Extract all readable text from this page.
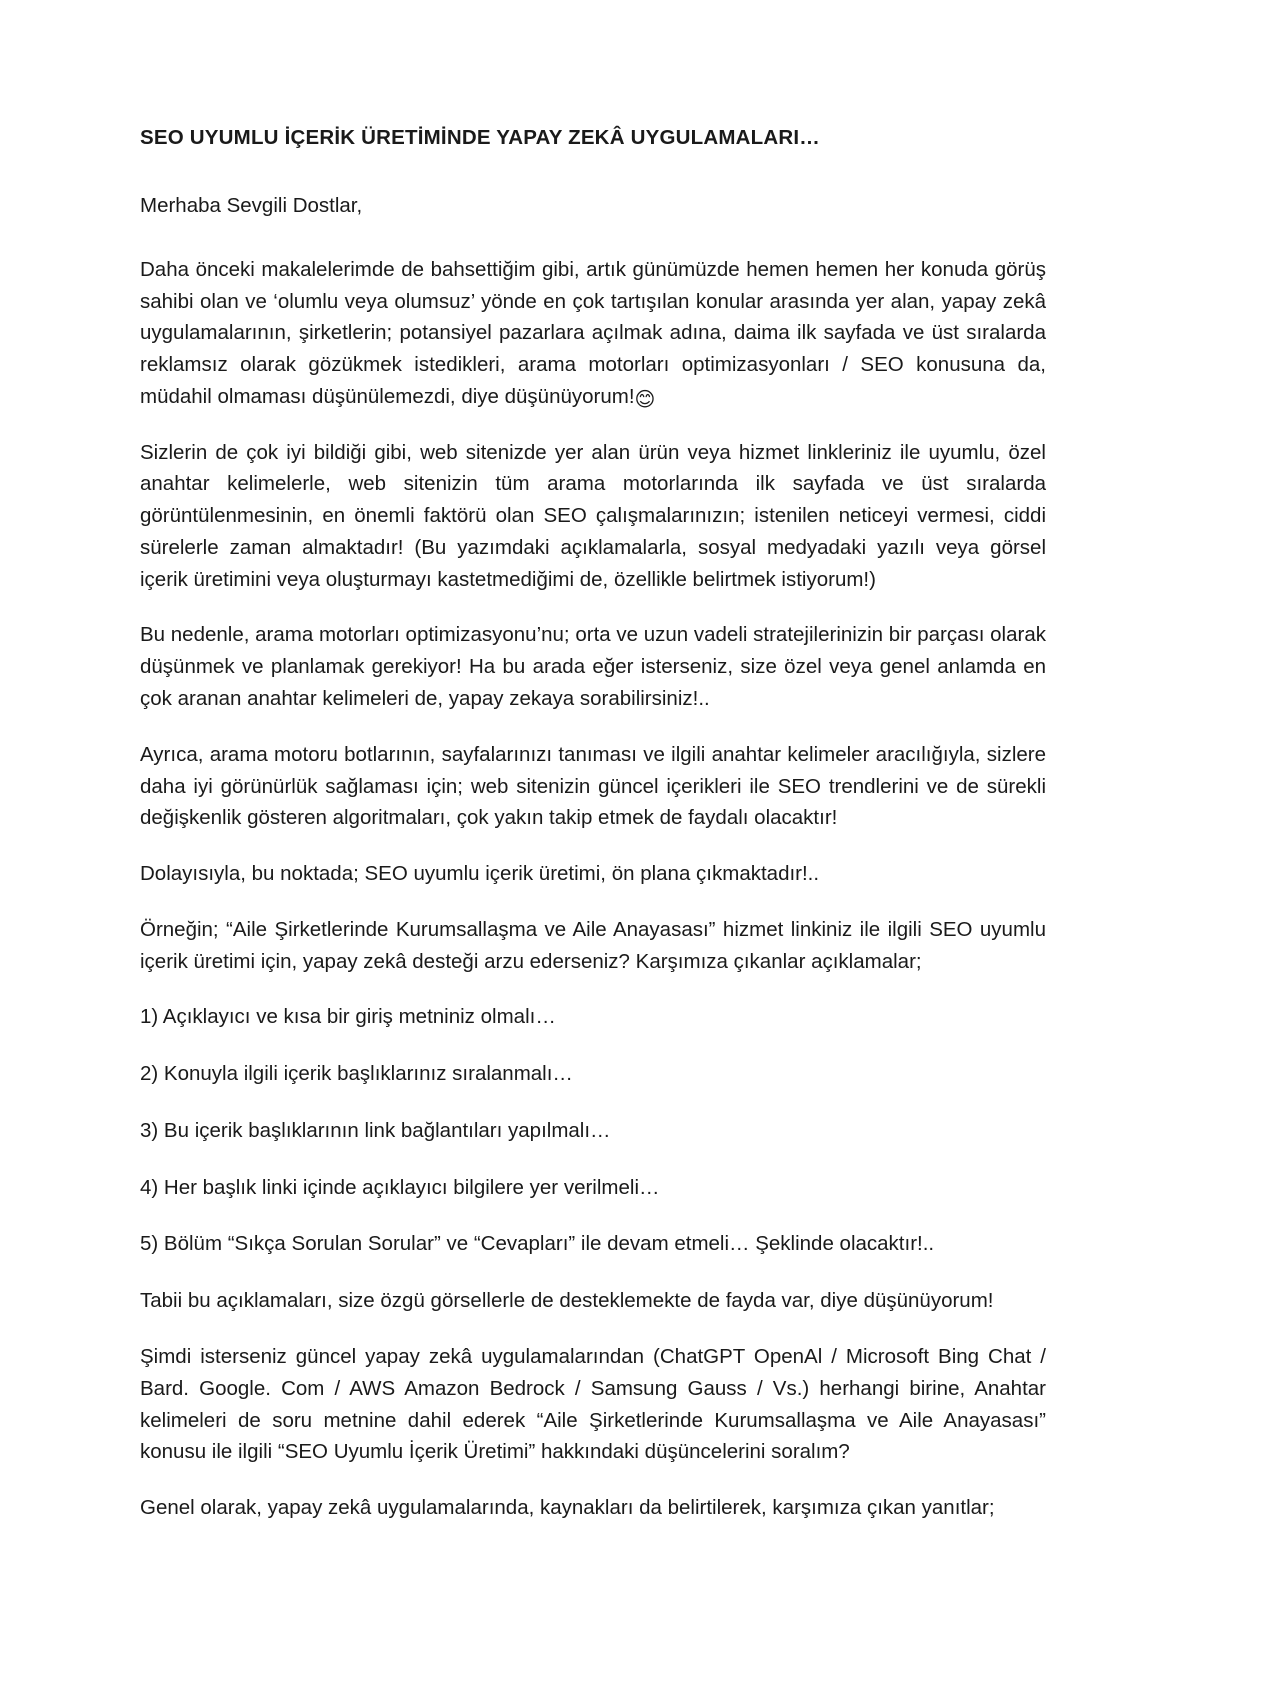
SEO UYUMLU İÇERİK ÜRETİMİNDE YAPAY ZEKÂ UYGULAMALARI…

Merhaba Sevgili Dostlar,

Daha önceki makalelerimde de bahsettiğim gibi, artık günümüzde hemen hemen her konuda görüş sahibi olan ve ‘olumlu veya olumsuz’ yönde en çok tartışılan konular arasında yer alan, yapay zekâ uygulamalarının, şirketlerin; potansiyel pazarlara açılmak adına, daima ilk sayfada ve üst sıralarda reklamsız olarak gözükmek istedikleri, arama motorları optimizasyonları / SEO konusuna da, müdahil olmaması düşünülemezdi, diye düşünüyorum!😊

Sizlerin de çok iyi bildiği gibi, web sitenizde yer alan ürün veya hizmet linkleriniz ile uyumlu, özel anahtar kelimelerle, web sitenizin tüm arama motorlarında ilk sayfada ve üst sıralarda görüntülenmesinin, en önemli faktörü olan SEO çalışmalarınızın; istenilen neticeyi vermesi, ciddi sürelerle zaman almaktadır! (Bu yazımdaki açıklamalarla, sosyal medyadaki yazılı veya görsel içerik üretimini veya oluşturmayı kastetmediğimi de, özellikle belirtmek istiyorum!)

Bu nedenle, arama motorları optimizasyonu’nu; orta ve uzun vadeli stratejilerinizin bir parçası olarak düşünmek ve planlamak gerekiyor! Ha bu arada eğer isterseniz, size özel veya genel anlamda en çok aranan anahtar kelimeleri de, yapay zekaya sorabilirsiniz!..

Ayrıca, arama motoru botlarının, sayfalarınızı tanıması ve ilgili anahtar kelimeler aracılığıyla, sizlere daha iyi görünürlük sağlaması için; web sitenizin güncel içerikleri ile SEO trendlerini ve de sürekli değişkenlik gösteren algoritmaları, çok yakın takip etmek de faydalı olacaktır!

Dolayısıyla, bu noktada; SEO uyumlu içerik üretimi, ön plana çıkmaktadır!..

Örneğin; “Aile Şirketlerinde Kurumsallaşma ve Aile Anayasası” hizmet linkiniz ile ilgili SEO uyumlu içerik üretimi için, yapay zekâ desteği arzu ederseniz? Karşımıza çıkanlar açıklamalar;

1) Açıklayıcı ve kısa bir giriş metniniz olmalı…

2) Konuyla ilgili içerik başlıklarınız sıralanmalı…

3) Bu içerik başlıklarının link bağlantıları yapılmalı…

4) Her başlık linki içinde açıklayıcı bilgilere yer verilmeli…

5) Bölüm “Sıkça Sorulan Sorular” ve “Cevapları” ile devam etmeli… Şeklinde olacaktır!..

Tabii bu açıklamaları, size özgü görsellerle de desteklemekte de fayda var, diye düşünüyorum!

Şimdi isterseniz güncel yapay zekâ uygulamalarından (ChatGPT OpenAl / Microsoft Bing Chat / Bard. Google. Com / AWS Amazon Bedrock / Samsung Gauss / Vs.) herhangi birine, Anahtar kelimeleri de soru metnine dahil ederek “Aile Şirketlerinde Kurumsallaşma ve Aile Anayasası” konusu ile ilgili “SEO Uyumlu İçerik Üretimi” hakkındaki düşüncelerini soralım?

Genel olarak, yapay zekâ uygulamalarında, kaynakları da belirtilerek, karşımıza çıkan yanıtlar;
